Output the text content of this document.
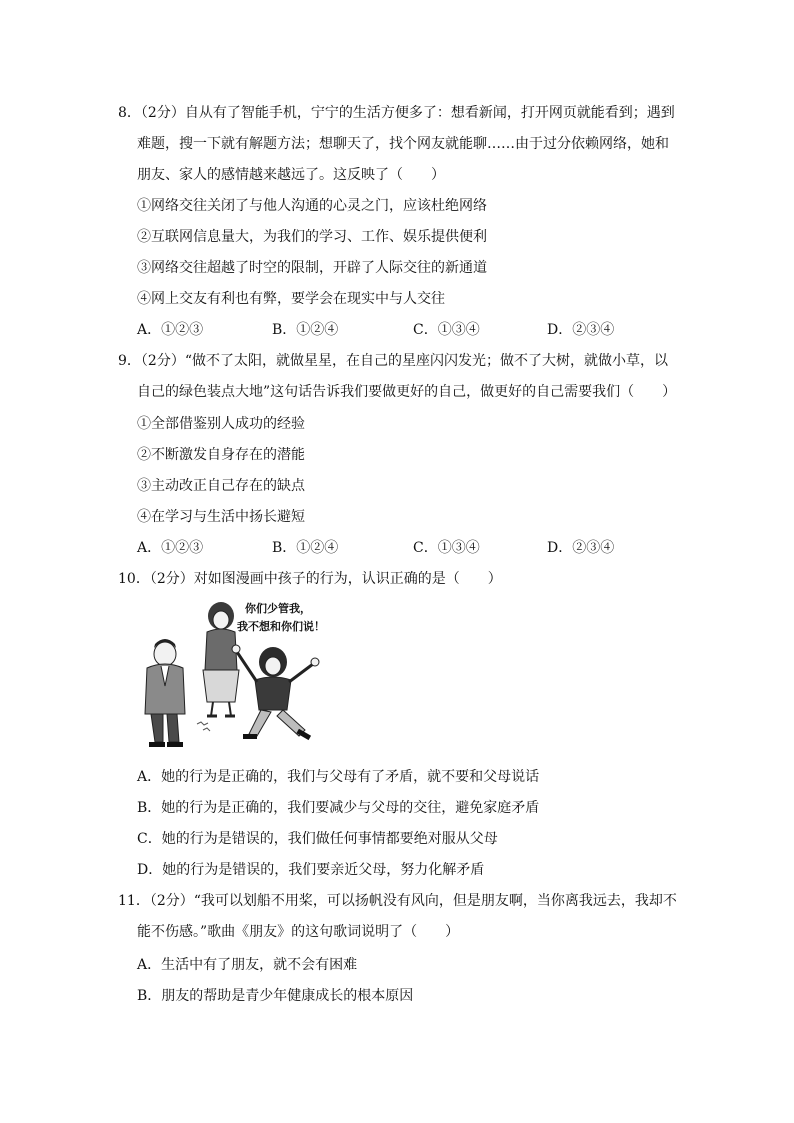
8．（2分）自从有了智能手机，宁宁的生活方便多了：想看新闻，打开网页就能看到；遇到
难题，搜一下就有解题方法；想聊天了，找个网友就能聊……由于过分依赖网络，她和
朋友、家人的感情越来越远了。这反映了（　　）
①网络交往关闭了与他人沟通的心灵之门，应该杜绝网络
②互联网信息量大，为我们的学习、工作、娱乐提供便利
③网络交往超越了时空的限制，开辟了人际交往的新通道
④网上交友有利也有弊，要学会在现实中与人交往
A．①②③	B．①②④	C．①③④	D．②③④
9．（2分）“做不了太阳，就做星星，在自己的星座闪闪发光；做不了大树，就做小草，以
自己的绿色装点大地”这句话告诉我们要做更好的自己，做更好的自己需要我们（　　）
①全部借鉴别人成功的经验
②不断激发自身存在的潜能
③主动改正自己存在的缺点
④在学习与生活中扬长避短
A．①②③	B．①②④	C．①③④	D．②③④
10．（2分）对如图漫画中孩子的行为，认识正确的是（　　）
你们少管我，
我不想和你们说！
A．她的行为是正确的，我们与父母有了矛盾，就不要和父母说话
B．她的行为是正确的，我们要减少与父母的交往，避免家庭矛盾
C．她的行为是错误的，我们做任何事情都要绝对服从父母
D．她的行为是错误的，我们要亲近父母，努力化解矛盾
11．（2分）“我可以划船不用桨，可以扬帆没有风向，但是朋友啊，当你离我远去，我却不
能不伤感。”歌曲《朋友》的这句歌词说明了（　　）
A．生活中有了朋友，就不会有困难
B．朋友的帮助是青少年健康成长的根本原因
